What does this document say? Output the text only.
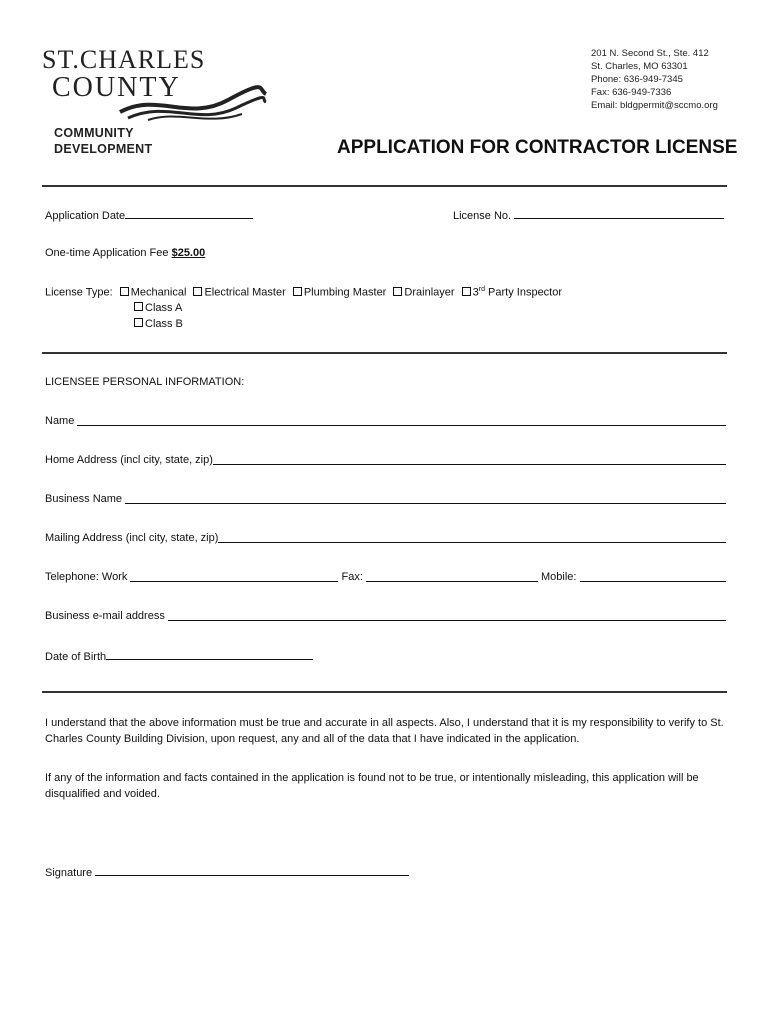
ST.CHARLES
COUNTY
COMMUNITY
DEVELOPMENT
201 N. Second St., Ste. 412
St. Charles, MO 63301
Phone: 636-949-7345
Fax: 636-949-7336
Email: bldgpermit@sccmo.org
APPLICATION FOR CONTRACTOR LICENSE
Application Date	License No.
One-time Application Fee $25.00
License Type: Mechanical Electrical Master Plumbing Master Drainlayer 3rd Party Inspector
Class A
Class B
LICENSEE PERSONAL INFORMATION:
Name

Home Address (incl city, state, zip)
Business Name

Mailing Address (incl city, state, zip)
Telephone: Work

	Fax:

	Mobile:

Business e-mail address

Date of Birth
I understand that the above information must be true and accurate in all aspects. Also, I understand that it is my responsibility to verify to St. Charles County Building Division, upon request, any and all of the data that I have indicated in the application.
If any of the information and facts contained in the application is found not to be true, or intentionally misleading, this application will be disqualified and voided.
Signature
